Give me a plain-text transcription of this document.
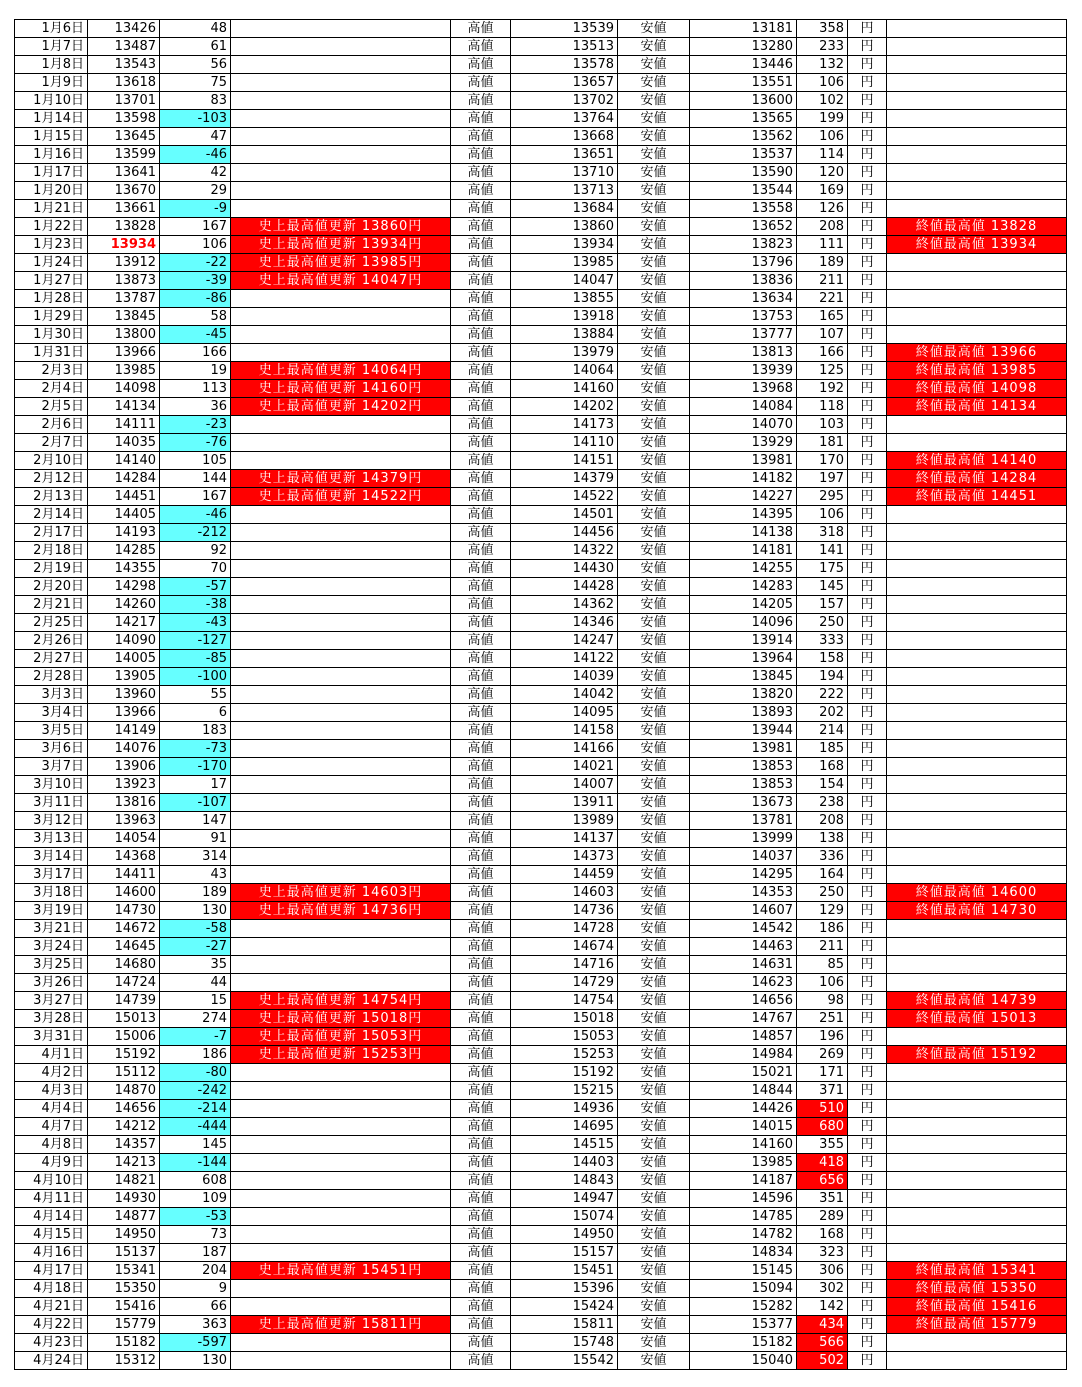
1月6日	13426	48		高値	13539	安値	13181	358	円	
1月7日	13487	61		高値	13513	安値	13280	233	円	
1月8日	13543	56		高値	13578	安値	13446	132	円	
1月9日	13618	75		高値	13657	安値	13551	106	円	
1月10日	13701	83		高値	13702	安値	13600	102	円	
1月14日	13598	-103		高値	13764	安値	13565	199	円	
1月15日	13645	47		高値	13668	安値	13562	106	円	
1月16日	13599	-46		高値	13651	安値	13537	114	円	
1月17日	13641	42		高値	13710	安値	13590	120	円	
1月20日	13670	29		高値	13713	安値	13544	169	円	
1月21日	13661	-9		高値	13684	安値	13558	126	円	
1月22日	13828	167	史上最高値更新 13860円	高値	13860	安値	13652	208	円	終値最高値 13828
1月23日	13934	106	史上最高値更新 13934円	高値	13934	安値	13823	111	円	終値最高値 13934
1月24日	13912	-22	史上最高値更新 13985円	高値	13985	安値	13796	189	円	
1月27日	13873	-39	史上最高値更新 14047円	高値	14047	安値	13836	211	円	
1月28日	13787	-86		高値	13855	安値	13634	221	円	
1月29日	13845	58		高値	13918	安値	13753	165	円	
1月30日	13800	-45		高値	13884	安値	13777	107	円	
1月31日	13966	166		高値	13979	安値	13813	166	円	終値最高値 13966
2月3日	13985	19	史上最高値更新 14064円	高値	14064	安値	13939	125	円	終値最高値 13985
2月4日	14098	113	史上最高値更新 14160円	高値	14160	安値	13968	192	円	終値最高値 14098
2月5日	14134	36	史上最高値更新 14202円	高値	14202	安値	14084	118	円	終値最高値 14134
2月6日	14111	-23		高値	14173	安値	14070	103	円	
2月7日	14035	-76		高値	14110	安値	13929	181	円	
2月10日	14140	105		高値	14151	安値	13981	170	円	終値最高値 14140
2月12日	14284	144	史上最高値更新 14379円	高値	14379	安値	14182	197	円	終値最高値 14284
2月13日	14451	167	史上最高値更新 14522円	高値	14522	安値	14227	295	円	終値最高値 14451
2月14日	14405	-46		高値	14501	安値	14395	106	円	
2月17日	14193	-212		高値	14456	安値	14138	318	円	
2月18日	14285	92		高値	14322	安値	14181	141	円	
2月19日	14355	70		高値	14430	安値	14255	175	円	
2月20日	14298	-57		高値	14428	安値	14283	145	円	
2月21日	14260	-38		高値	14362	安値	14205	157	円	
2月25日	14217	-43		高値	14346	安値	14096	250	円	
2月26日	14090	-127		高値	14247	安値	13914	333	円	
2月27日	14005	-85		高値	14122	安値	13964	158	円	
2月28日	13905	-100		高値	14039	安値	13845	194	円	
3月3日	13960	55		高値	14042	安値	13820	222	円	
3月4日	13966	6		高値	14095	安値	13893	202	円	
3月5日	14149	183		高値	14158	安値	13944	214	円	
3月6日	14076	-73		高値	14166	安値	13981	185	円	
3月7日	13906	-170		高値	14021	安値	13853	168	円	
3月10日	13923	17		高値	14007	安値	13853	154	円	
3月11日	13816	-107		高値	13911	安値	13673	238	円	
3月12日	13963	147		高値	13989	安値	13781	208	円	
3月13日	14054	91		高値	14137	安値	13999	138	円	
3月14日	14368	314		高値	14373	安値	14037	336	円	
3月17日	14411	43		高値	14459	安値	14295	164	円	
3月18日	14600	189	史上最高値更新 14603円	高値	14603	安値	14353	250	円	終値最高値 14600
3月19日	14730	130	史上最高値更新 14736円	高値	14736	安値	14607	129	円	終値最高値 14730
3月21日	14672	-58		高値	14728	安値	14542	186	円	
3月24日	14645	-27		高値	14674	安値	14463	211	円	
3月25日	14680	35		高値	14716	安値	14631	85	円	
3月26日	14724	44		高値	14729	安値	14623	106	円	
3月27日	14739	15	史上最高値更新 14754円	高値	14754	安値	14656	98	円	終値最高値 14739
3月28日	15013	274	史上最高値更新 15018円	高値	15018	安値	14767	251	円	終値最高値 15013
3月31日	15006	-7	史上最高値更新 15053円	高値	15053	安値	14857	196	円	
4月1日	15192	186	史上最高値更新 15253円	高値	15253	安値	14984	269	円	終値最高値 15192
4月2日	15112	-80		高値	15192	安値	15021	171	円	
4月3日	14870	-242		高値	15215	安値	14844	371	円	
4月4日	14656	-214		高値	14936	安値	14426	510	円	
4月7日	14212	-444		高値	14695	安値	14015	680	円	
4月8日	14357	145		高値	14515	安値	14160	355	円	
4月9日	14213	-144		高値	14403	安値	13985	418	円	
4月10日	14821	608		高値	14843	安値	14187	656	円	
4月11日	14930	109		高値	14947	安値	14596	351	円	
4月14日	14877	-53		高値	15074	安値	14785	289	円	
4月15日	14950	73		高値	14950	安値	14782	168	円	
4月16日	15137	187		高値	15157	安値	14834	323	円	
4月17日	15341	204	史上最高値更新 15451円	高値	15451	安値	15145	306	円	終値最高値 15341
4月18日	15350	9		高値	15396	安値	15094	302	円	終値最高値 15350
4月21日	15416	66		高値	15424	安値	15282	142	円	終値最高値 15416
4月22日	15779	363	史上最高値更新 15811円	高値	15811	安値	15377	434	円	終値最高値 15779
4月23日	15182	-597		高値	15748	安値	15182	566	円	
4月24日	15312	130		高値	15542	安値	15040	502	円	
